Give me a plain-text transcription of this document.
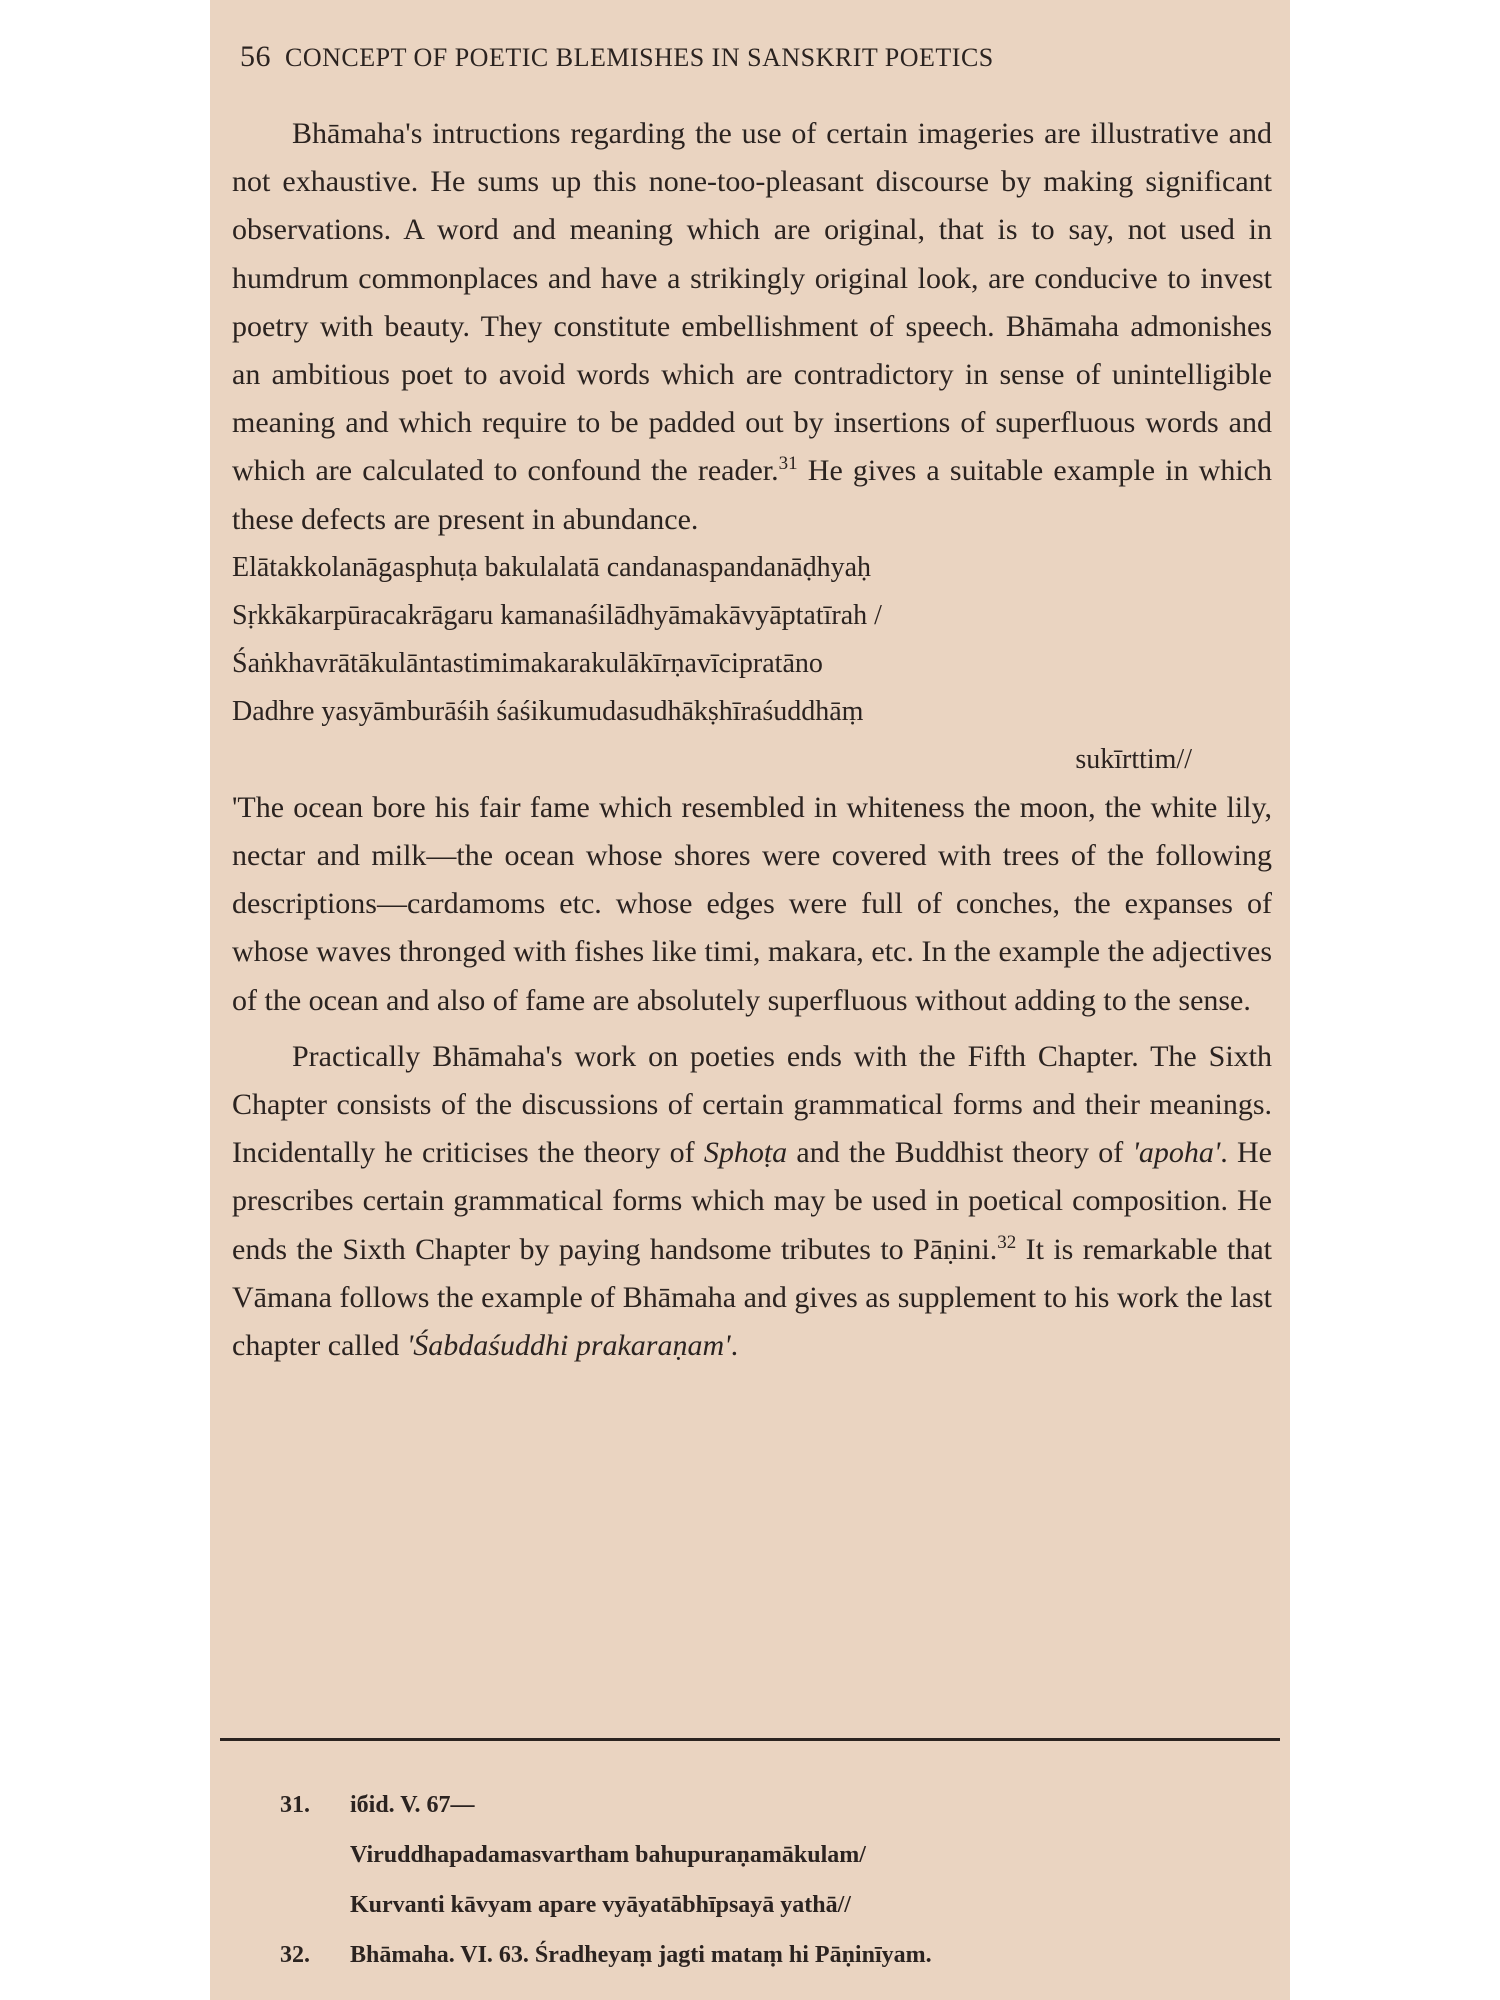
56 CONCEPT OF POETIC BLEMISHES IN SANSKRIT POETICS

Bhāmaha's intructions regarding the use of certain imageries are illustrative and not exhaustive. He sums up this none-too-pleasant discourse by making significant observations. A word and meaning which are original, that is to say, not used in humdrum commonplaces and have a strikingly original look, are conducive to invest poetry with beauty. They constitute embellishment of speech. Bhāmaha admonishes an ambitious poet to avoid words which are contradictory in sense of unintelligible meaning and which require to be padded out by insertions of superfluous words and which are calculated to confound the reader.$^{31}$ He gives a suitable example in which these defects are present in abundance.

Elātakkolanāgasphuṭa bakulalatā candanaspandanāḍhyaḥ
Sṛkkākarpūracakrāgaru kamanaśilādhyāmakāvyāptatīrah /
Śaṅkhavrātākulāntastimimakarakulākīrṇavīcipratāno
Dadhre yasyāmburāśih śaśikumudasudhākṣhīraśuddhāṃ
sukīrttim//

'The ocean bore his fair fame which resembled in whiteness the moon, the white lily, nectar and milk—the ocean whose shores were covered with trees of the following descriptions—cardamoms etc. whose edges were full of conches, the expanses of whose waves thronged with fishes like timi, makara, etc. In the example the adjectives of the ocean and also of fame are absolutely superfluous without adding to the sense.

Practically Bhāmaha's work on poeties ends with the Fifth Chapter. The Sixth Chapter consists of the discussions of certain grammatical forms and their meanings. Incidentally he criticises the theory of Sphoṭa and the Buddhist theory of 'apoha'. He prescribes certain grammatical forms which may be used in poetical composition. He ends the Sixth Chapter by paying handsome tributes to Pāṇini.$^{32}$ It is remarkable that Vāmana follows the example of Bhāmaha and gives as supplement to his work the last chapter called 'Śabdaśuddhi prakaraṇam'.

31. iбid. V. 67—
Viruddhapadamasvartham bahupuraṇamākulam/
Kurvanti kāvyam apare vyāyatābhīpsayā yathā//
32. Bhāmaha. VI. 63. Śradheyaṃ jagti mataṃ hi Pāṇinīyam.
